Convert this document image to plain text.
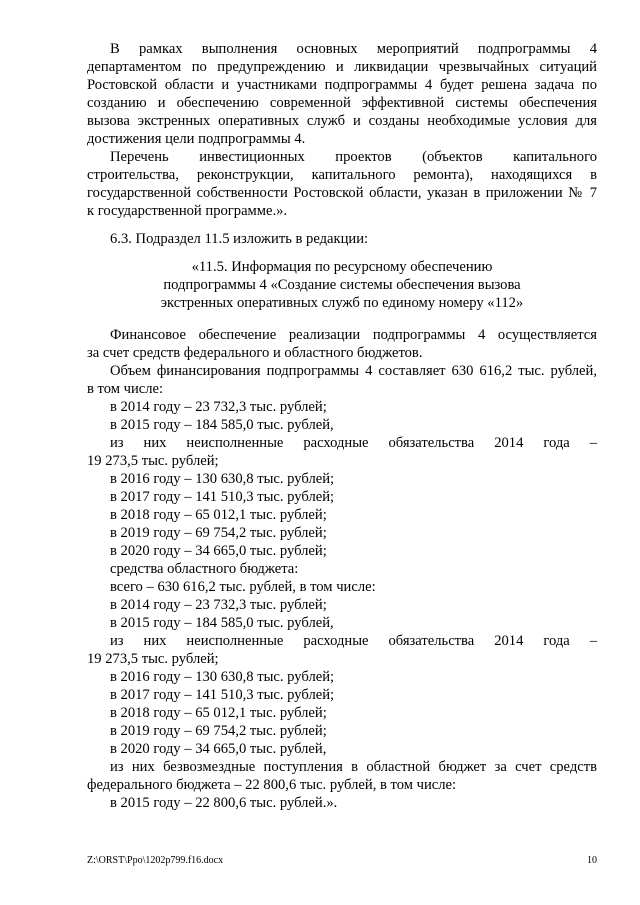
В рамках выполнения основных мероприятий подпрограммы 4
департаментом по предупреждению и ликвидации чрезвычайных ситуаций
Ростовской области и участниками подпрограммы 4 будет решена задача по
созданию и обеспечению современной эффективной системы обеспечения
вызова экстренных оперативных служб и созданы необходимые условия для
достижения цели подпрограммы 4.
Перечень инвестиционных проектов (объектов капитального
строительства, реконструкции, капитального ремонта), находящихся в
государственной собственности Ростовской области, указан в приложении № 7
к государственной программе.».
6.3. Подраздел 11.5 изложить в редакции:
«11.5. Информация по ресурсному обеспечению
подпрограммы 4 «Создание системы обеспечения вызова
экстренных оперативных служб по единому номеру «112»
Финансовое обеспечение реализации подпрограммы 4 осуществляется
за счет средств федерального и областного бюджетов.
Объем финансирования подпрограммы 4 составляет 630 616,2 тыс. рублей,
в том числе:
в 2014 году – 23 732,3 тыс. рублей;
в 2015 году – 184 585,0 тыс. рублей,
из них неисполненные расходные обязательства 2014 года –
19 273,5 тыс. рублей;
в 2016 году – 130 630,8 тыс. рублей;
в 2017 году – 141 510,3 тыс. рублей;
в 2018 году – 65 012,1 тыс. рублей;
в 2019 году – 69 754,2 тыс. рублей;
в 2020 году – 34 665,0 тыс. рублей;
средства областного бюджета:
всего – 630 616,2 тыс. рублей, в том числе:
в 2014 году – 23 732,3 тыс. рублей;
в 2015 году – 184 585,0 тыс. рублей,
из них неисполненные расходные обязательства 2014 года –
19 273,5 тыс. рублей;
в 2016 году – 130 630,8 тыс. рублей;
в 2017 году – 141 510,3 тыс. рублей;
в 2018 году – 65 012,1 тыс. рублей;
в 2019 году – 69 754,2 тыс. рублей;
в 2020 году – 34 665,0 тыс. рублей,
из них безвозмездные поступления в областной бюджет за счет средств
федерального бюджета – 22 800,6 тыс. рублей, в том числе:
в 2015 году – 22 800,6 тыс. рублей.».
Z:\ORST\Ppo\1202p799.f16.docx	10
